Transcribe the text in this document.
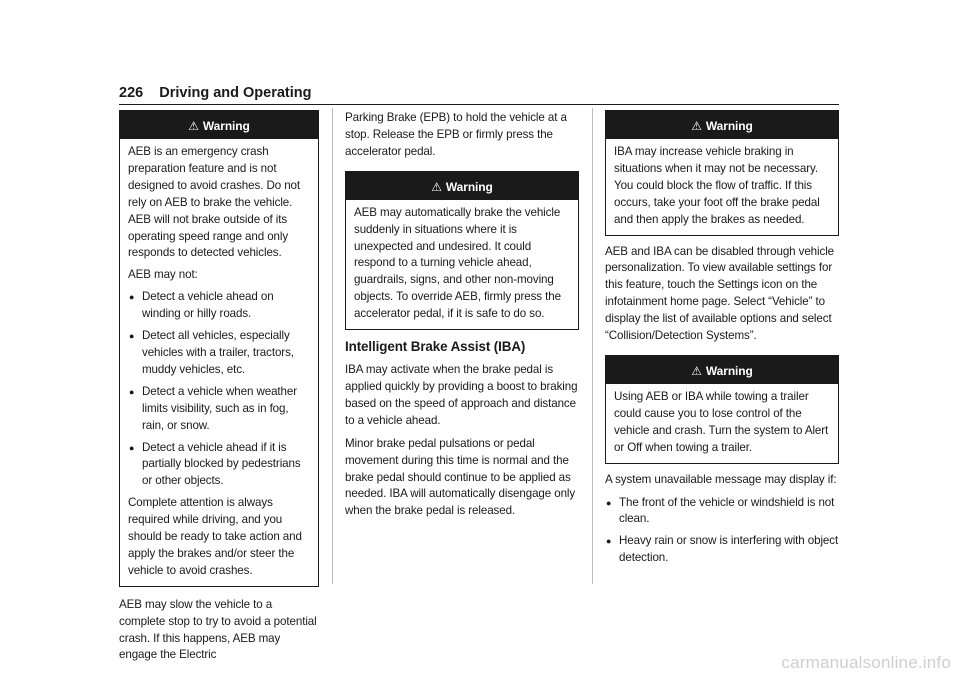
226 Driving and Operating
⚠ Warning

AEB is an emergency crash preparation feature and is not designed to avoid crashes. Do not rely on AEB to brake the vehicle. AEB will not brake outside of its operating speed range and only responds to detected vehicles.

AEB may not:

● Detect a vehicle ahead on winding or hilly roads.
● Detect all vehicles, especially vehicles with a trailer, tractors, muddy vehicles, etc.
● Detect a vehicle when weather limits visibility, such as in fog, rain, or snow.
● Detect a vehicle ahead if it is partially blocked by pedestrians or other objects.

Complete attention is always required while driving, and you should be ready to take action and apply the brakes and/or steer the vehicle to avoid crashes.

AEB may slow the vehicle to a complete stop to try to avoid a potential crash. If this happens, AEB may engage the Electric

Parking Brake (EPB) to hold the vehicle at a stop. Release the EPB or firmly press the accelerator pedal.

⚠ Warning

AEB may automatically brake the vehicle suddenly in situations where it is unexpected and undesired. It could respond to a turning vehicle ahead, guardrails, signs, and other non-moving objects. To override AEB, firmly press the accelerator pedal, if it is safe to do so.

Intelligent Brake Assist (IBA)

IBA may activate when the brake pedal is applied quickly by providing a boost to braking based on the speed of approach and distance to a vehicle ahead.

Minor brake pedal pulsations or pedal movement during this time is normal and the brake pedal should continue to be applied as needed. IBA will automatically disengage only when the brake pedal is released.

⚠ Warning

IBA may increase vehicle braking in situations when it may not be necessary. You could block the flow of traffic. If this occurs, take your foot off the brake pedal and then apply the brakes as needed.

AEB and IBA can be disabled through vehicle personalization. To view available settings for this feature, touch the Settings icon on the infotainment home page. Select “Vehicle” to display the list of available options and select “Collision/Detection Systems”.

⚠ Warning

Using AEB or IBA while towing a trailer could cause you to lose control of the vehicle and crash. Turn the system to Alert or Off when towing a trailer.

A system unavailable message may display if:

● The front of the vehicle or windshield is not clean.
● Heavy rain or snow is interfering with object detection.
carmanualsonline.info
